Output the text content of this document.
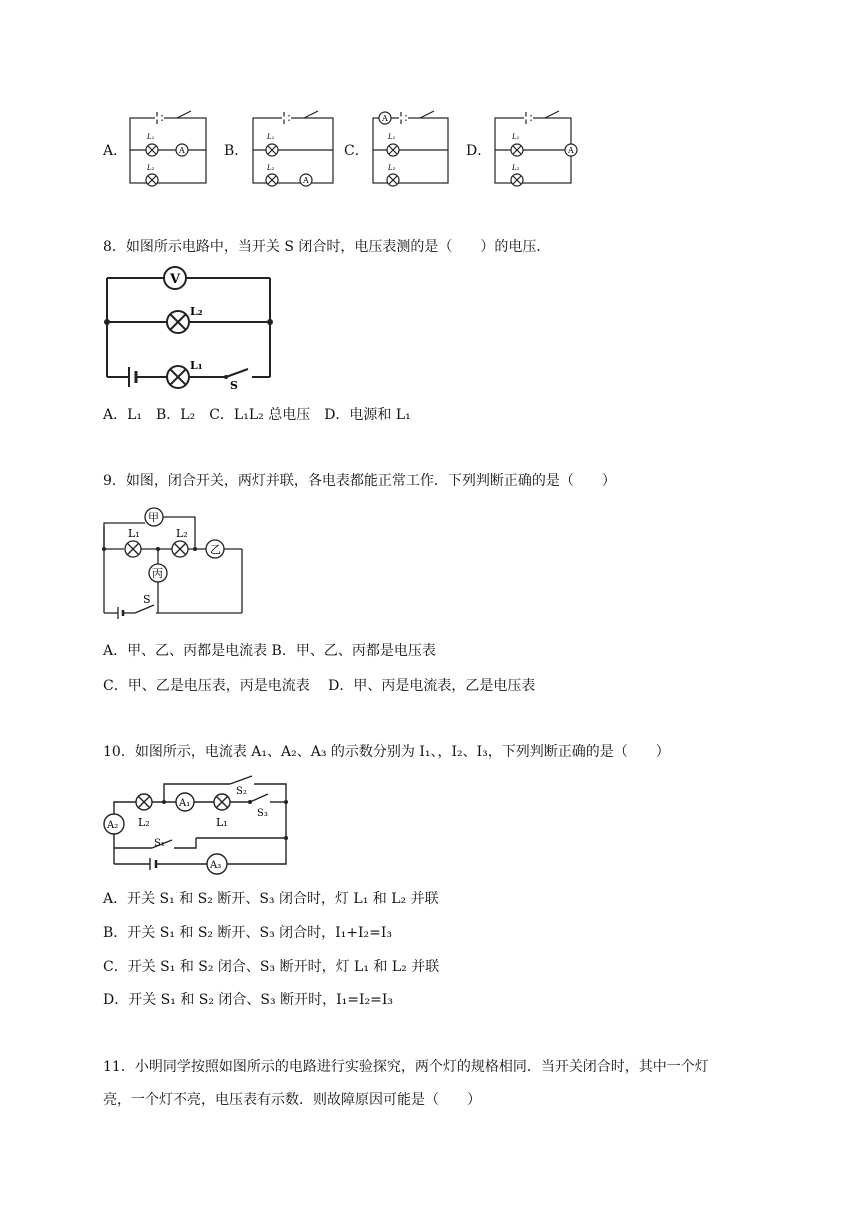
A．	A
L₁
L₂
B．
A
L₁
L₂
C．
A
L₁
L₂
D．	A
L₁
L₂
8．如图所示电路中，当开关 S 闭合时，电压表测的是（　　）的电压．
V
L₂
L₁
S
A．L₁　B．L₂　C．L₁L₂ 总电压　D．电源和 L₁
9．如图，闭合开关，两灯并联，各电表都能正常工作．下列判断正确的是（　　）
甲
乙
丙
L₁	L₂
S
A．甲、乙、丙都是电流表 B．甲、乙、丙都是电压表
C．甲、乙是电压表，丙是电流表　 D．甲、丙是电流表，乙是电压表
10．如图所示，电流表 A₁、A₂、A₃ 的示数分别为 I₁、，I₂、I₃，下列判断正确的是（　　）
A₁
A₂
A₃
L₂	L₁
S₁
S₂
S₃
A．开关 S₁ 和 S₂ 断开、S₃ 闭合时，灯 L₁ 和 L₂ 并联
B．开关 S₁ 和 S₂ 断开、S₃ 闭合时，I₁+I₂=I₃
C．开关 S₁ 和 S₂ 闭合、S₃ 断开时，灯 L₁ 和 L₂ 并联
D．开关 S₁ 和 S₂ 闭合、S₃ 断开时，I₁=I₂=I₃
11．小明同学按照如图所示的电路进行实验探究，两个灯的规格相同．当开关闭合时，其中一个灯
亮，一个灯不亮，电压表有示数．则故障原因可能是（　　）
